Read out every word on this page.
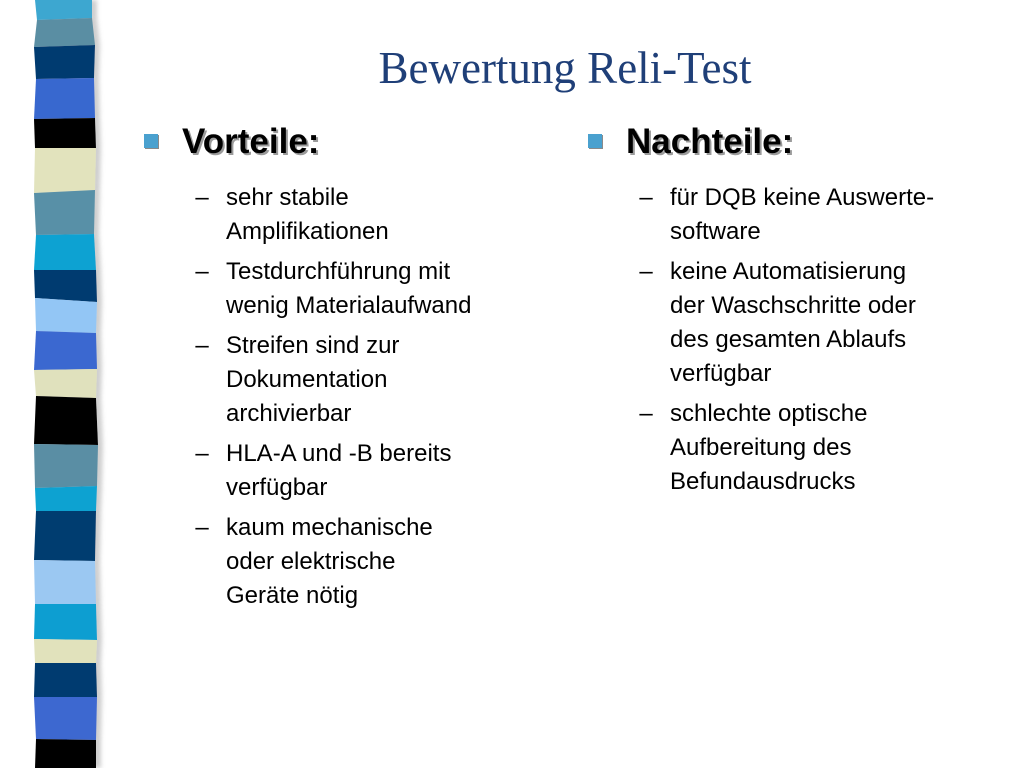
Bewertung Reli-Test
Vorteile:
– sehr stabile
Amplifikationen
– Testdurchführung mit
wenig Materialaufwand
– Streifen sind zur
Dokumentation
archivierbar
– HLA-A und -B bereits
verfügbar
– kaum mechanische
oder elektrische
Geräte nötig
Nachteile:
– für DQB keine Auswerte-
software
– keine Automatisierung
der Waschschritte oder
des gesamten Ablaufs
verfügbar
– schlechte optische
Aufbereitung des
Befundausdrucks
